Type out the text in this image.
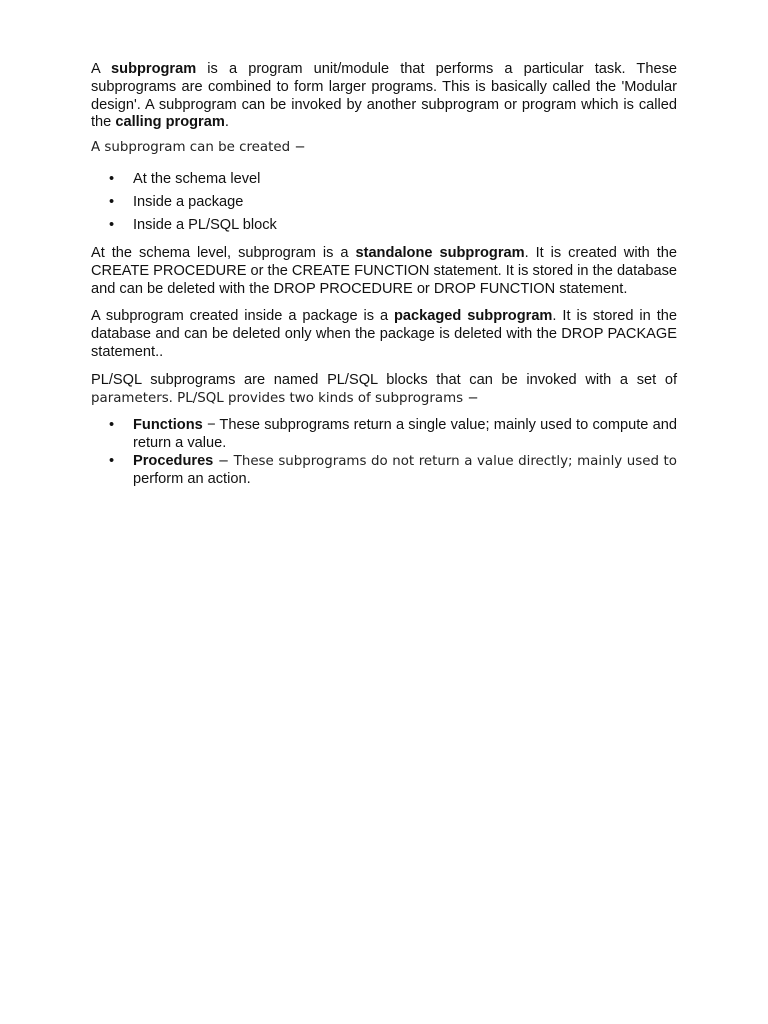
A subprogram is a program unit/module that performs a particular task. These subprograms are combined to form larger programs. This is basically called the 'Modular design'. A subprogram can be invoked by another subprogram or program which is called the calling program.

A subprogram can be created −

• At the schema level
• Inside a package
• Inside a PL/SQL block

At the schema level, subprogram is a standalone subprogram. It is created with the CREATE PROCEDURE or the CREATE FUNCTION statement. It is stored in the database and can be deleted with the DROP PROCEDURE or DROP FUNCTION statement.

A subprogram created inside a package is a packaged subprogram. It is stored in the database and can be deleted only when the package is deleted with the DROP PACKAGE statement..

PL/SQL subprograms are named PL/SQL blocks that can be invoked with a set of parameters. PL/SQL provides two kinds of subprograms −

• Functions − These subprograms return a single value; mainly used to compute and return a value.
• Procedures − These subprograms do not return a value directly; mainly used to perform an action.
